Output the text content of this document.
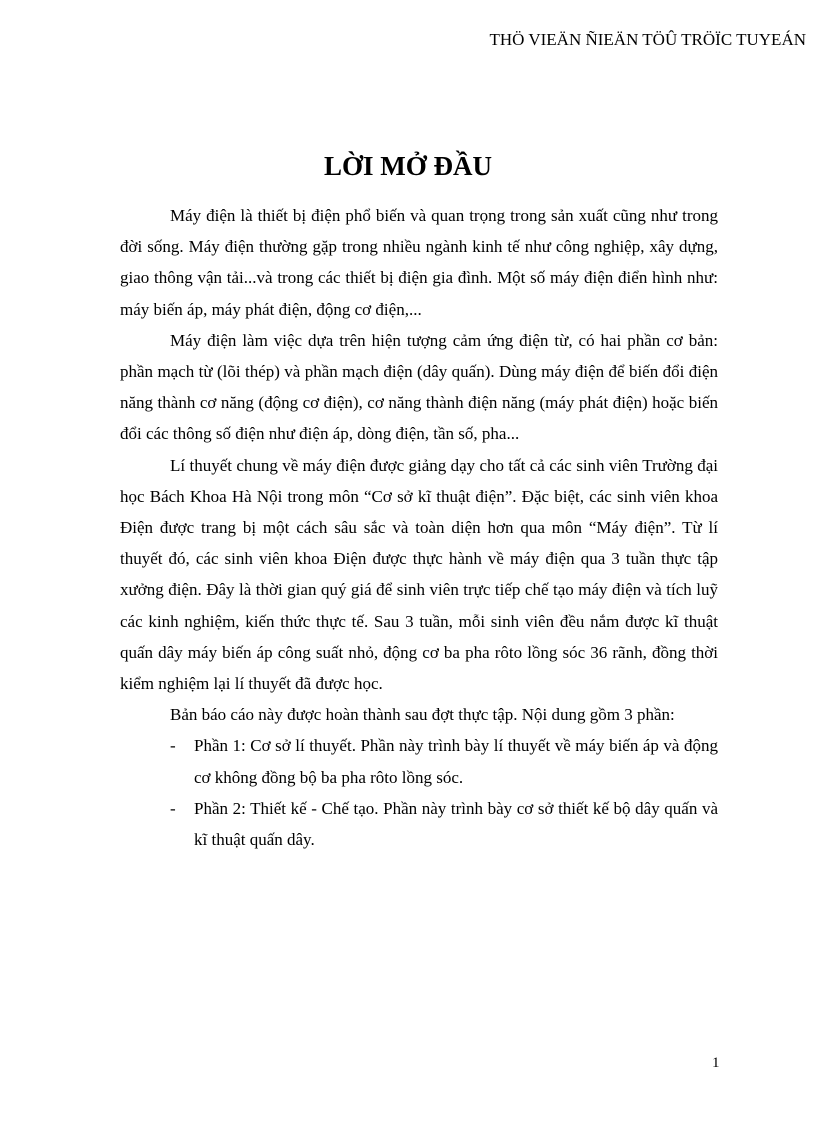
THÖ VIEÄN ÑIEÄN TÖÛ TRÖÏC TUYEÁN
LỜI MỞ ĐẦU

Máy điện là thiết bị điện phổ biến và quan trọng trong sản xuất cũng như trong đời sống. Máy điện thường gặp trong nhiều ngành kinh tế như công nghiệp, xây dựng, giao thông vận tải...và trong các thiết bị điện gia đình. Một số máy điện điển hình như: máy biến áp, máy phát điện, động cơ điện,...

Máy điện làm việc dựa trên hiện tượng cảm ứng điện từ, có hai phần cơ bản: phần mạch từ (lõi thép) và phần mạch điện (dây quấn). Dùng máy điện để biến đổi điện năng thành cơ năng (động cơ điện), cơ năng thành điện năng (máy phát điện) hoặc biến đổi các thông số điện như điện áp, dòng điện, tần số, pha...

Lí thuyết chung về máy điện được giảng dạy cho tất cả các sinh viên Trường đại học Bách Khoa Hà Nội trong môn “Cơ sở kĩ thuật điện”. Đặc biệt, các sinh viên khoa Điện được trang bị một cách sâu sắc và toàn diện hơn qua môn “Máy điện”. Từ lí thuyết đó, các sinh viên khoa Điện được thực hành về máy điện qua 3 tuần thực tập xưởng điện. Đây là thời gian quý giá để sinh viên trực tiếp chế tạo máy điện và tích luỹ các kinh nghiệm, kiến thức thực tế. Sau 3 tuần, mỗi sinh viên đều nắm được kĩ thuật quấn dây máy biến áp công suất nhỏ, động cơ ba pha rôto lồng sóc 36 rãnh, đồng thời kiểm nghiệm lại lí thuyết đã được học.

Bản báo cáo này được hoàn thành sau đợt thực tập. Nội dung gồm 3 phần:

- Phần 1: Cơ sở lí thuyết. Phần này trình bày lí thuyết về máy biến áp và động cơ không đồng bộ ba pha rôto lồng sóc.
- Phần 2: Thiết kế - Chế tạo. Phần này trình bày cơ sở thiết kế bộ dây quấn và kĩ thuật quấn dây.
1
